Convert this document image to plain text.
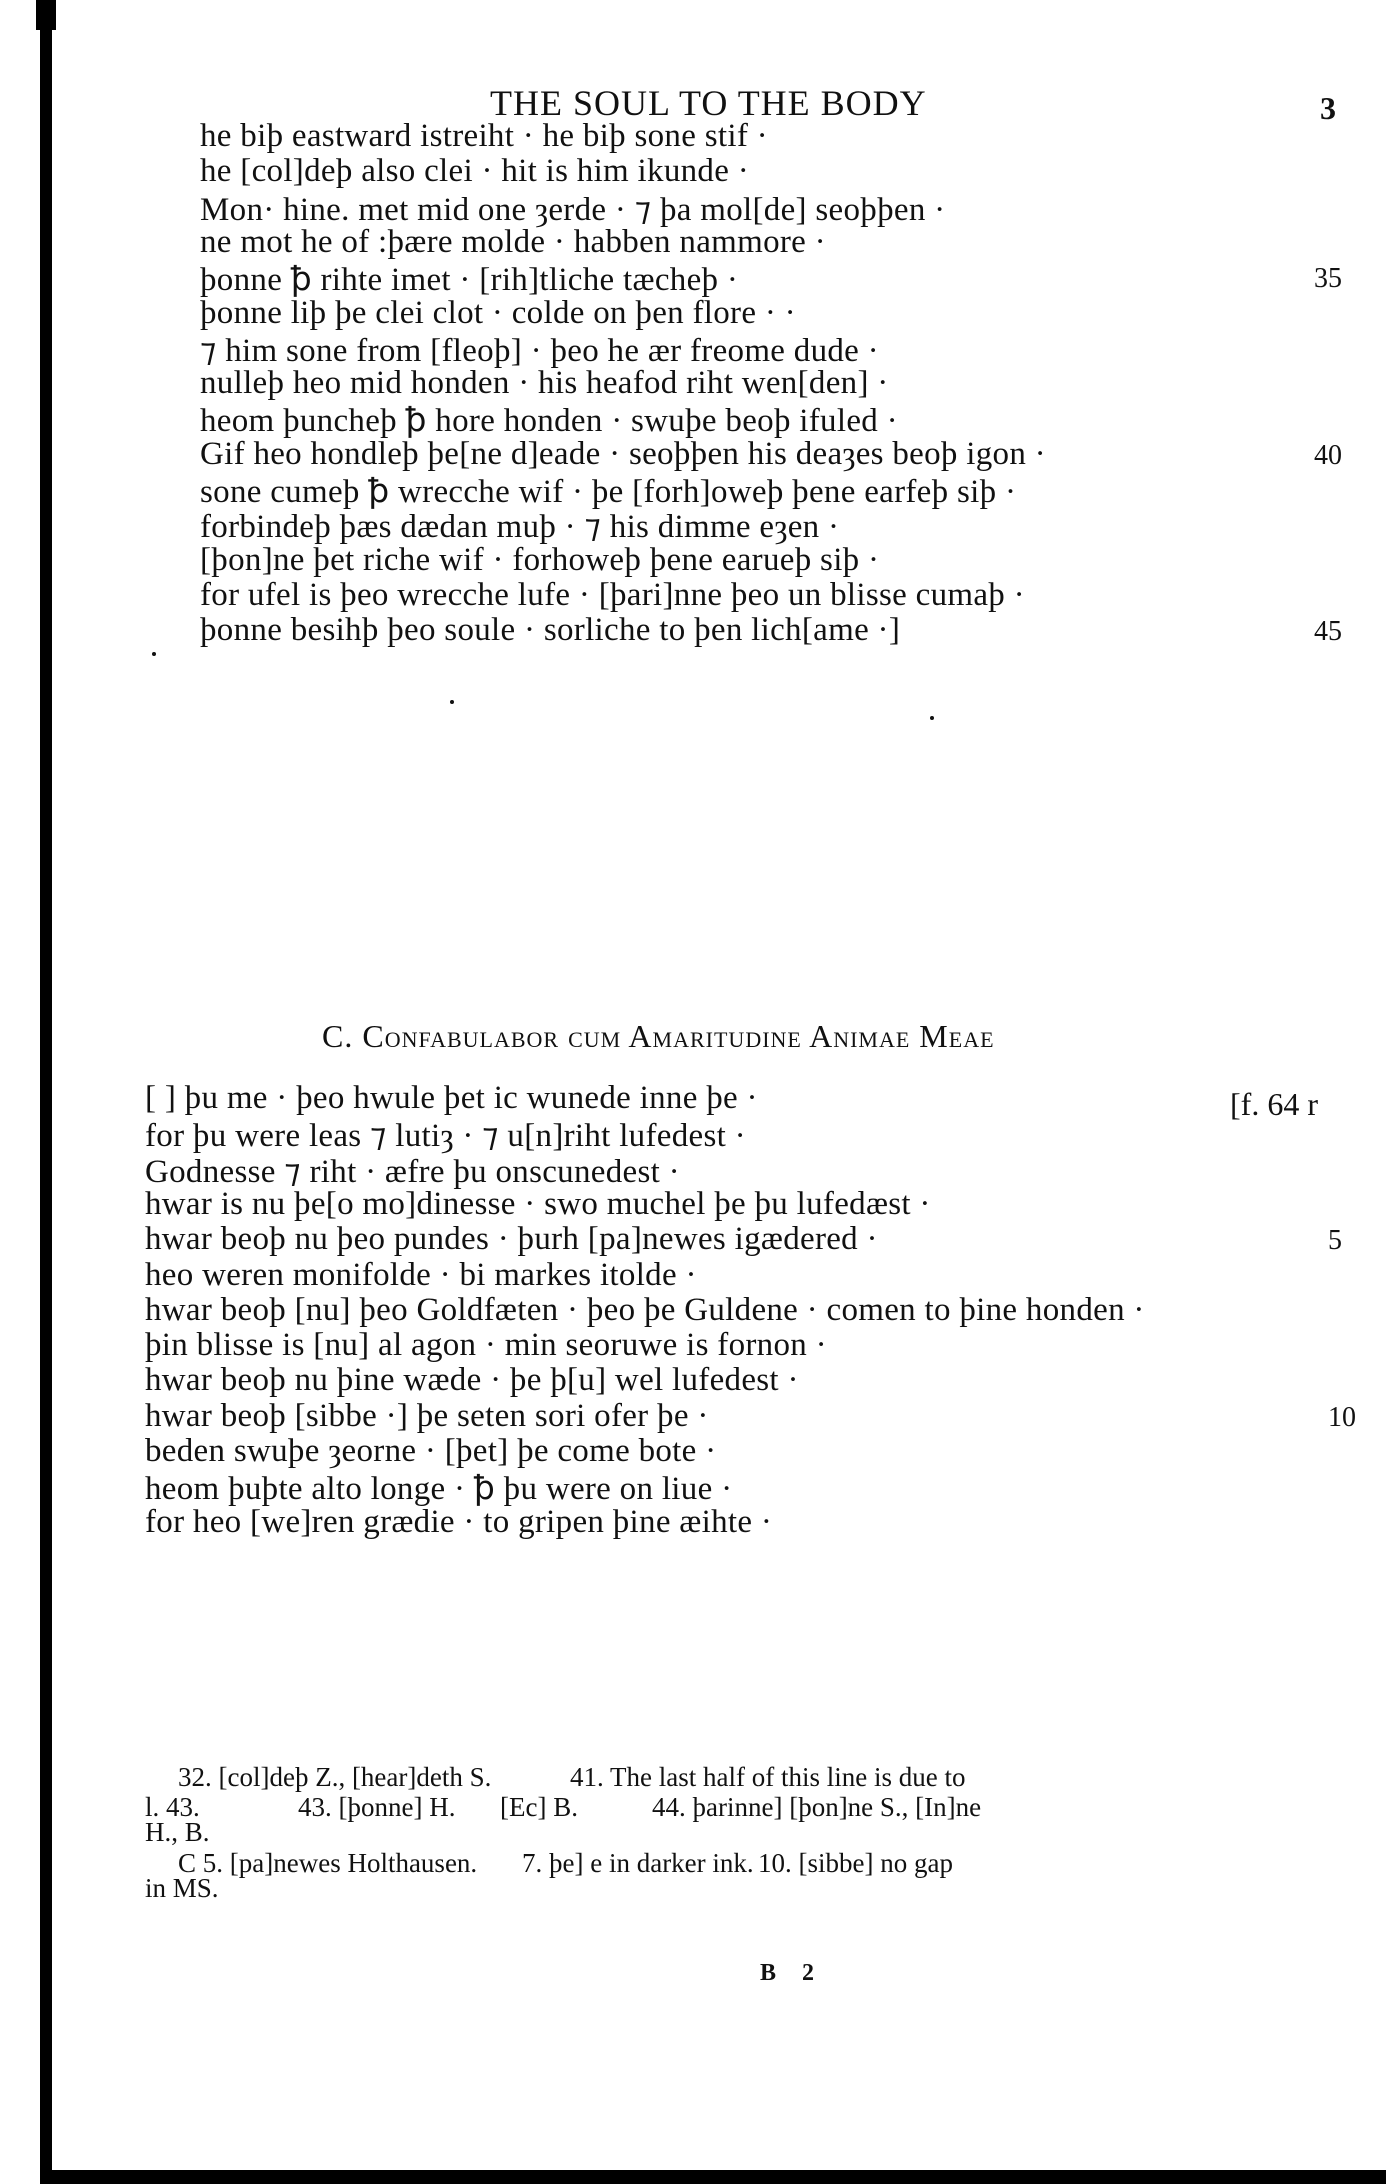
THE SOUL TO THE BODY	3
he biþ eastward istreiht · he biþ sone stif ·
he [col]deþ also clei · hit is him ikunde ·
Mon· hine. met mid one ȝerde · ⁊ þa mol[de] seoþþen ·
ne mot he of :þære molde · habben nammore ·
þonne ꝥ rihte imet · [rih]tliche tæcheþ ·
þonne liþ þe clei clot · colde on þen flore · ·
⁊ him sone from [fleoþ] · þeo he ær freome dude ·
nulleþ heo mid honden · his heafod riht wen[den] ·
heom þuncheþ ꝥ hore honden · swuþe beoþ ifuled ·
Gif heo hondleþ þe[ne d]eade · seoþþen his deaȝes beoþ igon ·
sone cumeþ ꝥ wrecche wif · þe [forh]oweþ þene earfeþ siþ ·
forbindeþ þæs dædan muþ · ⁊ his dimme eȝen ·
[þon]ne þet riche wif · forhoweþ þene earueþ siþ ·
for ufel is þeo wrecche lufe · [þari]nne þeo un blisse cumaþ ·
þonne besihþ þeo soule · sorliche to þen lich[ame ·]
35
40
45
C. Confabulabor cum Amaritudine Animae Meae
[f. 64 r
[ ] þu me · þeo hwule þet ic wunede inne þe ·
for þu were leas ⁊ lutiȝ · ⁊ u[n]riht lufedest ·
Godnesse ⁊ riht · æfre þu onscunedest ·
hwar is nu þe[o mo]dinesse · swo muchel þe þu lufedæst ·
hwar beoþ nu þeo pundes · þurh [pa]newes igædered ·
heo weren monifolde · bi markes itolde ·
hwar beoþ [nu] þeo Goldfæten · þeo þe Guldene · comen to þine honden ·
þin blisse is [nu] al agon · min seoruwe is fornon ·
hwar beoþ nu þine wæde · þe þ[u] wel lufedest ·
hwar beoþ [sibbe ·] þe seten sori ofer þe ·
beden swuþe ȝeorne · [þet] þe come bote ·
heom þuþte alto longe · ꝥ þu were on liue ·
for heo [we]ren grædie · to gripen þine æihte ·
5
10
32. [col]deþ Z., [hear]deth S.	41. The last half of this line is due to
l. 43.	43. [þonne] H. [Ec] B.	44. þarinne] [þon]ne S., [In]ne
H., B.
C 5. [pa]newes Holthausen. 7. þe] e in darker ink. 10. [sibbe] no gap
in MS.
B 2
